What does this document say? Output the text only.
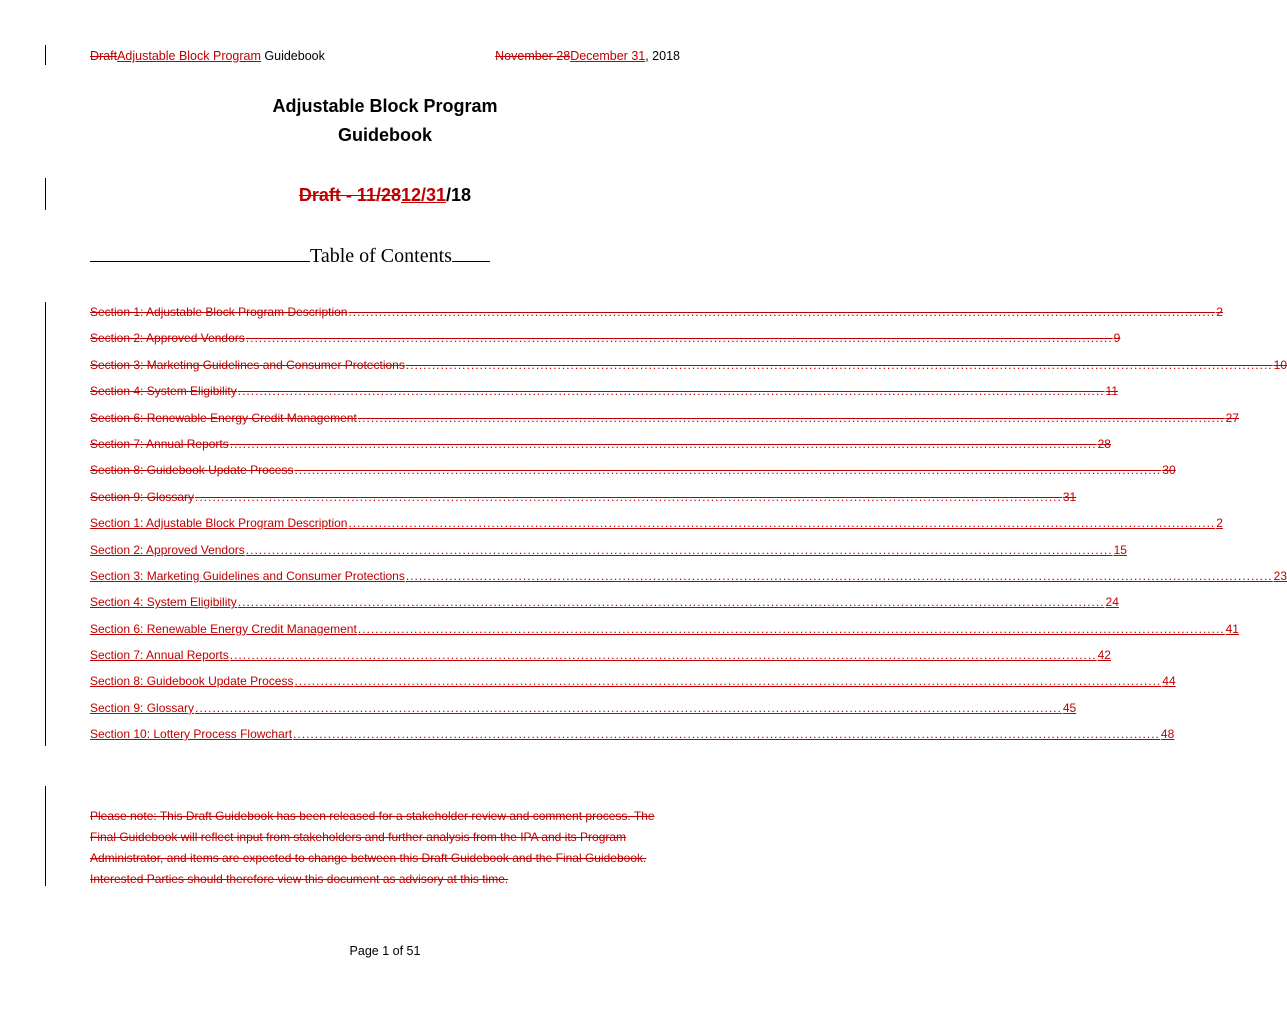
DraftAdjustable Block Program Guidebook	November 28December 31, 2018
Adjustable Block Program
Guidebook
Draft - 11/2812/31/18
Table of Contents
Section 1: Adjustable Block Program Description ........................................................................................................................................................................................................ 2
Section 2: Approved Vendors ........................................................................................................................................................................................................ 9
Section 3: Marketing Guidelines and Consumer Protections ........................................................................................................................................................................................................ 10
Section 4: System Eligibility ........................................................................................................................................................................................................ 11
Section 6: Renewable Energy Credit Management ........................................................................................................................................................................................................ 27
Section 7: Annual Reports ........................................................................................................................................................................................................ 28
Section 8: Guidebook Update Process ........................................................................................................................................................................................................ 30
Section 9: Glossary ........................................................................................................................................................................................................ 31
Section 1: Adjustable Block Program Description ........................................................................................................................................................................................................ 2
Section 2: Approved Vendors ........................................................................................................................................................................................................ 15
Section 3: Marketing Guidelines and Consumer Protections ........................................................................................................................................................................................................ 23
Section 4: System Eligibility ........................................................................................................................................................................................................ 24
Section 6: Renewable Energy Credit Management ........................................................................................................................................................................................................ 41
Section 7: Annual Reports ........................................................................................................................................................................................................ 42
Section 8: Guidebook Update Process ........................................................................................................................................................................................................ 44
Section 9: Glossary ........................................................................................................................................................................................................ 45
Section 10: Lottery Process Flowchart ........................................................................................................................................................................................................ 48
Please note: This Draft Guidebook has been released for a stakeholder review and comment process. The Final Guidebook will reflect input from stakeholders and further analysis from the IPA and its Program Administrator, and items are expected to change between this Draft Guidebook and the Final Guidebook. Interested Parties should therefore view this document as advisory at this time.
Page 1 of 51
